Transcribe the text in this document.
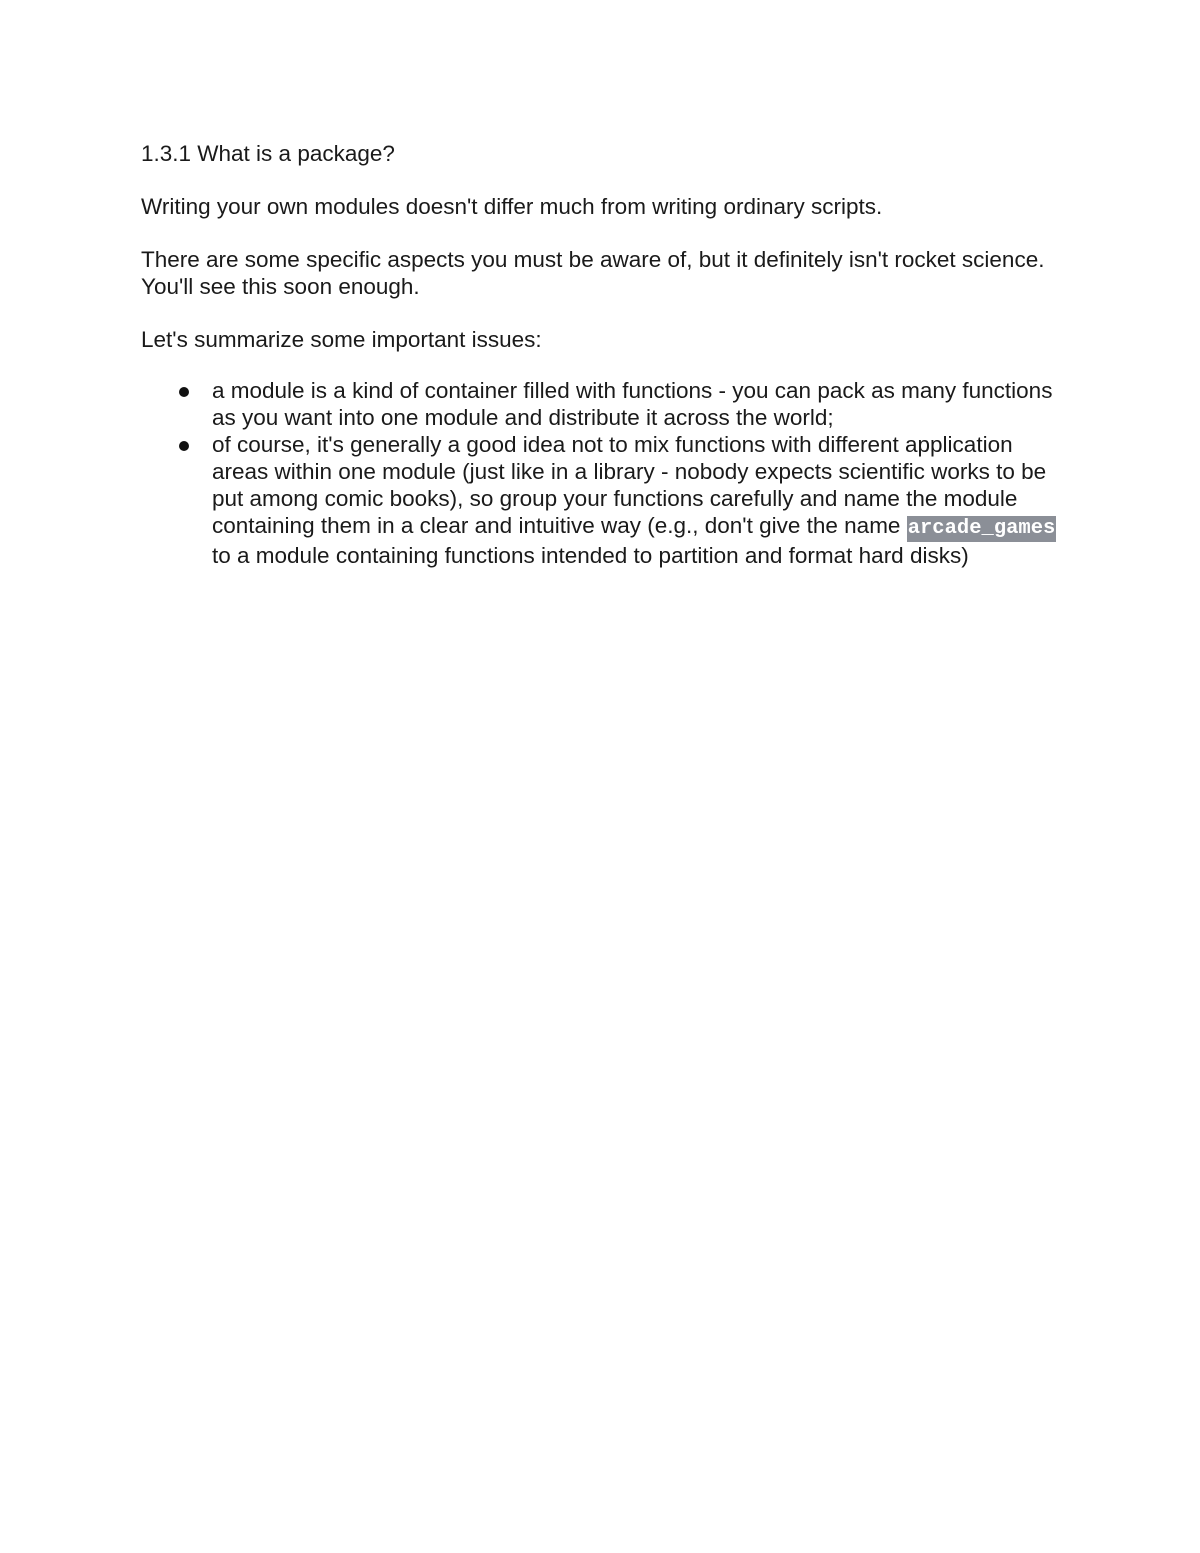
1.3.1 What is a package?

Writing your own modules doesn't differ much from writing ordinary scripts.

There are some specific aspects you must be aware of, but it definitely isn't rocket science. You'll see this soon enough.

Let's summarize some important issues:

a module is a kind of container filled with functions - you can pack as many functions as you want into one module and distribute it across the world;
of course, it's generally a good idea not to mix functions with different application areas within one module (just like in a library - nobody expects scientific works to be put among comic books), so group your functions carefully and name the module containing them in a clear and intuitive way (e.g., don't give the name arcade_games to a module containing functions intended to partition and format hard disks)
